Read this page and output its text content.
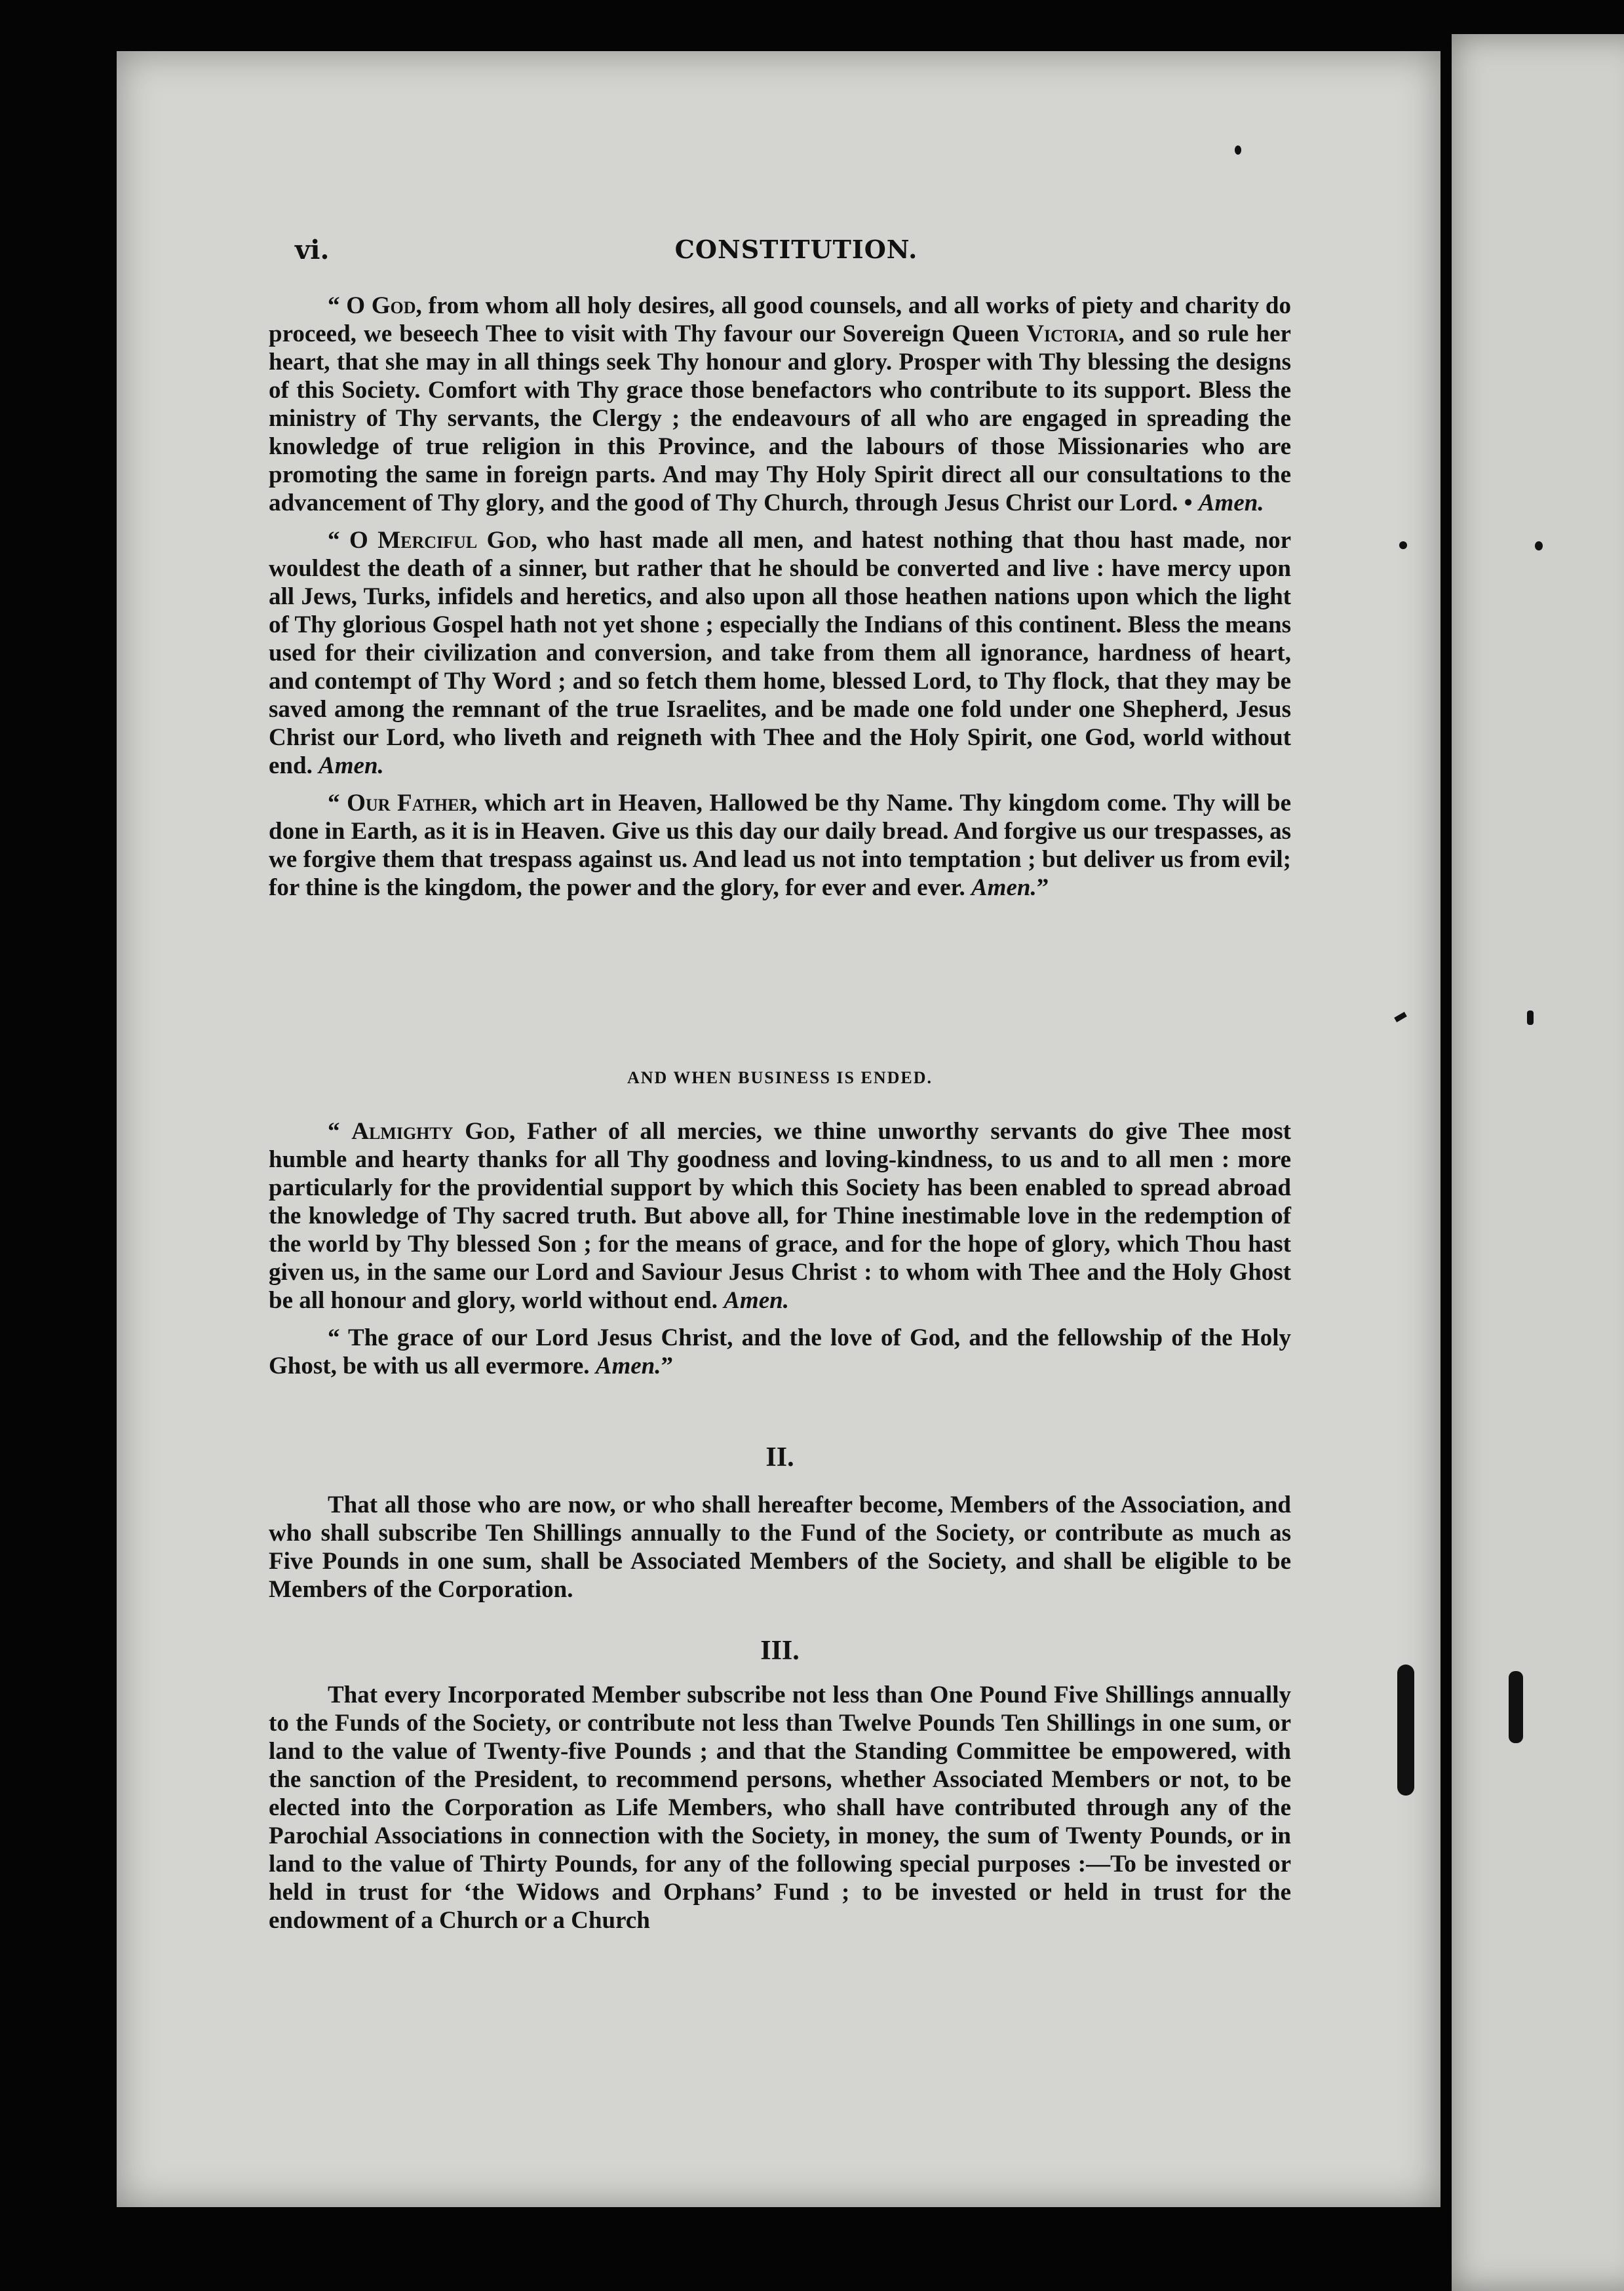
vi.	CONSTITUTION.

“ O God, from whom all holy desires, all good counsels, and all works of piety and charity do proceed, we beseech Thee to visit with Thy favour our Sovereign Queen Victoria, and so rule her heart, that she may in all things seek Thy honour and glory. Prosper with Thy blessing the designs of this Society. Comfort with Thy grace those benefactors who contribute to its support. Bless the ministry of Thy servants, the Clergy ; the endeavours of all who are engaged in spreading the knowledge of true religion in this Province, and the labours of those Missionaries who are promoting the same in foreign parts. And may Thy Holy Spirit direct all our consultations to the advancement of Thy glory, and the good of Thy Church, through Jesus Christ our Lord. • Amen.

“ O Merciful God, who hast made all men, and hatest nothing that thou hast made, nor wouldest the death of a sinner, but rather that he should be converted and live : have mercy upon all Jews, Turks, infidels and heretics, and also upon all those heathen nations upon which the light of Thy glorious Gospel hath not yet shone ; especially the Indians of this continent. Bless the means used for their civilization and conversion, and take from them all ignorance, hardness of heart, and contempt of Thy Word ; and so fetch them home, blessed Lord, to Thy flock, that they may be saved among the remnant of the true Israelites, and be made one fold under one Shepherd, Jesus Christ our Lord, who liveth and reigneth with Thee and the Holy Spirit, one God, world without end. Amen.

“ Our Father, which art in Heaven, Hallowed be thy Name. Thy kingdom come. Thy will be done in Earth, as it is in Heaven. Give us this day our daily bread. And forgive us our trespasses, as we forgive them that trespass against us. And lead us not into temptation ; but deliver us from evil; for thine is the kingdom, the power and the glory, for ever and ever. Amen.”

AND WHEN BUSINESS IS ENDED.

“ Almighty God, Father of all mercies, we thine unworthy servants do give Thee most humble and hearty thanks for all Thy goodness and loving-kindness, to us and to all men : more particularly for the providential support by which this Society has been enabled to spread abroad the knowledge of Thy sacred truth. But above all, for Thine inestimable love in the redemption of the world by Thy blessed Son ; for the means of grace, and for the hope of glory, which Thou hast given us, in the same our Lord and Saviour Jesus Christ : to whom with Thee and the Holy Ghost be all honour and glory, world without end. Amen.

“ The grace of our Lord Jesus Christ, and the love of God, and the fellowship of the Holy Ghost, be with us all evermore. Amen.”

II.

That all those who are now, or who shall hereafter become, Members of the Association, and who shall subscribe Ten Shillings annually to the Fund of the Society, or contribute as much as Five Pounds in one sum, shall be Associated Members of the Society, and shall be eligible to be Members of the Corporation.

III.

That every Incorporated Member subscribe not less than One Pound Five Shillings annually to the Funds of the Society, or contribute not less than Twelve Pounds Ten Shillings in one sum, or land to the value of Twenty-five Pounds ; and that the Standing Committee be empowered, with the sanction of the President, to recommend persons, whether Associated Members or not, to be elected into the Corporation as Life Members, who shall have contributed through any of the Parochial Associations in connection with the Society, in money, the sum of Twenty Pounds, or in land to the value of Thirty Pounds, for any of the following special purposes :—To be invested or held in trust for ‘the Widows and Orphans’ Fund ; to be invested or held in trust for the endowment of a Church or a Church
